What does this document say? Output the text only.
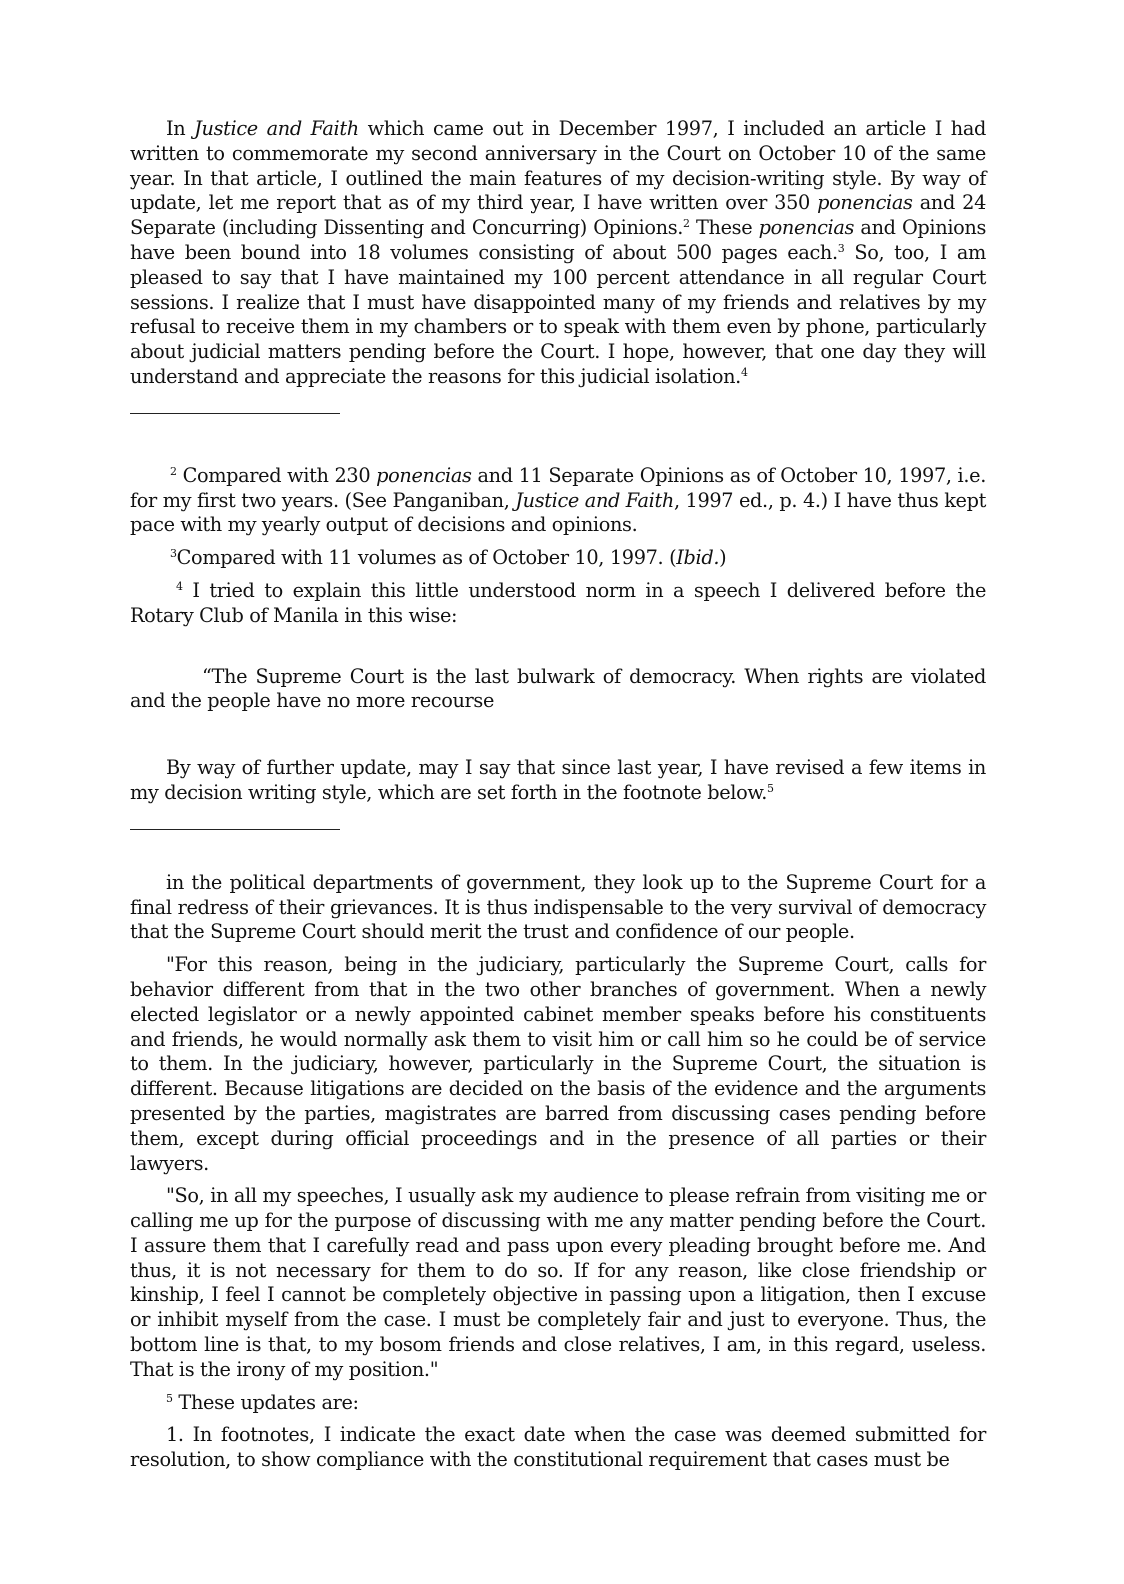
In Justice and Faith which came out in December 1997, I included an article I had written to commemorate my second anniversary in the Court on October 10 of the same year. In that article, I outlined the main features of my decision-writing style. By way of update, let me report that as of my third year, I have written over 350 ponencias and 24 Separate (including Dissenting and Concurring) Opinions.$^2$ These ponencias and Opinions have been bound into 18 volumes consisting of about 500 pages each.$^3$ So, too, I am pleased to say that I have maintained my 100 percent attendance in all regular Court sessions. I realize that I must have disappointed many of my friends and relatives by my refusal to receive them in my chambers or to speak with them even by phone, particularly about judicial matters pending before the Court. I hope, however, that one day they will understand and appreciate the reasons for this judicial isolation.$^4$

$^2$ Compared with 230 ponencias and 11 Separate Opinions as of October 10, 1997, i.e. for my first two years. (See Panganiban, Justice and Faith, 1997 ed., p. 4.) I have thus kept pace with my yearly output of decisions and opinions.

$^3$Compared with 11 volumes as of October 10, 1997. (Ibid.)

$^4$ I tried to explain this little understood norm in a speech I delivered before the Rotary Club of Manila in this wise:

“The Supreme Court is the last bulwark of democracy. When rights are violated and the people have no more recourse

By way of further update, may I say that since last year, I have revised a few items in my decision writing style, which are set forth in the footnote below.$^5$

in the political departments of government, they look up to the Supreme Court for a final redress of their grievances. It is thus indispensable to the very survival of democracy that the Supreme Court should merit the trust and confidence of our people.

"For this reason, being in the judiciary, particularly the Supreme Court, calls for behavior different from that in the two other branches of government. When a newly elected legislator or a newly appointed cabinet member speaks before his constituents and friends, he would normally ask them to visit him or call him so he could be of service to them. In the judiciary, however, particularly in the Supreme Court, the situation is different. Because litigations are decided on the basis of the evidence and the arguments presented by the parties, magistrates are barred from discussing cases pending before them, except during official proceedings and in the presence of all parties or their lawyers.

"So, in all my speeches, I usually ask my audience to please refrain from visiting me or calling me up for the purpose of discussing with me any matter pending before the Court. I assure them that I carefully read and pass upon every pleading brought before me. And thus, it is not necessary for them to do so. If for any reason, like close friendship or kinship, I feel I cannot be completely objective in passing upon a litigation, then I excuse or inhibit myself from the case. I must be completely fair and just to everyone. Thus, the bottom line is that, to my bosom friends and close relatives, I am, in this regard, useless. That is the irony of my position."

$^5$ These updates are:

1. In footnotes, I indicate the exact date when the case was deemed submitted for resolution, to show compliance with the constitutional requirement that cases must be
